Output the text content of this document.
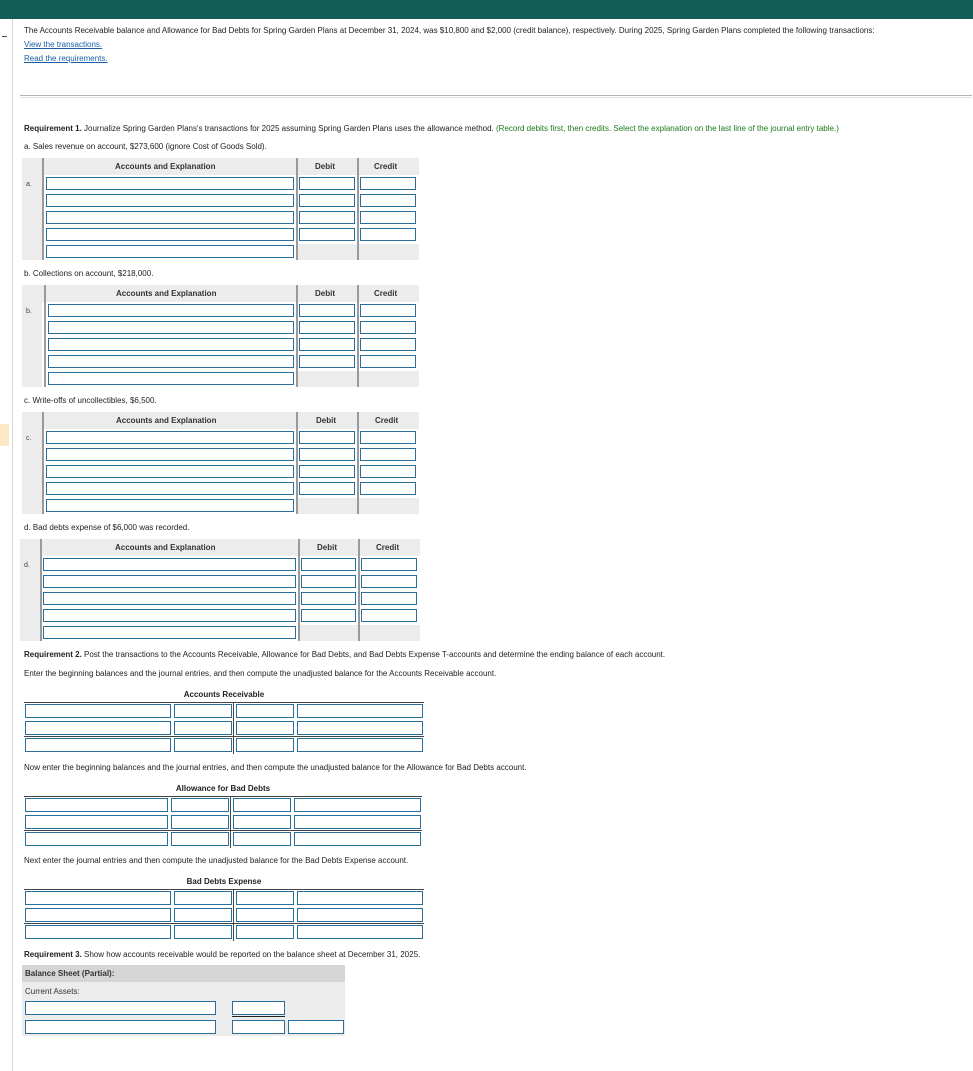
The Accounts Receivable balance and Allowance for Bad Debts for Spring Garden Plans at December 31, 2024, was $10,800 and $2,000 (credit balance), respectively. During 2025, Spring Garden Plans completed the following transactions:
View the transactions.
Read the requirements.
Requirement 1. Journalize Spring Garden Plans's transactions for 2025 assuming Spring Garden Plans uses the allowance method. (Record debits first, then credits. Select the explanation on the last line of the journal entry table.)
a. Sales revenue on account, $273,600 (ignore Cost of Goods Sold).
Accounts and Explanation	Debit	Credit
a.
b. Collections on account, $218,000.
Accounts and Explanation	Debit	Credit
b.
c. Write-offs of uncollectibles, $6,500.
Accounts and Explanation	Debit	Credit
c.
d. Bad debts expense of $6,000 was recorded.
Accounts and Explanation	Debit	Credit
d.
Requirement 2. Post the transactions to the Accounts Receivable, Allowance for Bad Debts, and Bad Debts Expense T-accounts and determine the ending balance of each account.
Enter the beginning balances and the journal entries, and then compute the unadjusted balance for the Accounts Receivable account.
Accounts Receivable
Now enter the beginning balances and the journal entries, and then compute the unadjusted balance for the Allowance for Bad Debts account.
Allowance for Bad Debts
Next enter the journal entries and then compute the unadjusted balance for the Bad Debts Expense account.
Bad Debts Expense
Requirement 3. Show how accounts receivable would be reported on the balance sheet at December 31, 2025.
Balance Sheet (Partial):
Current Assets:
